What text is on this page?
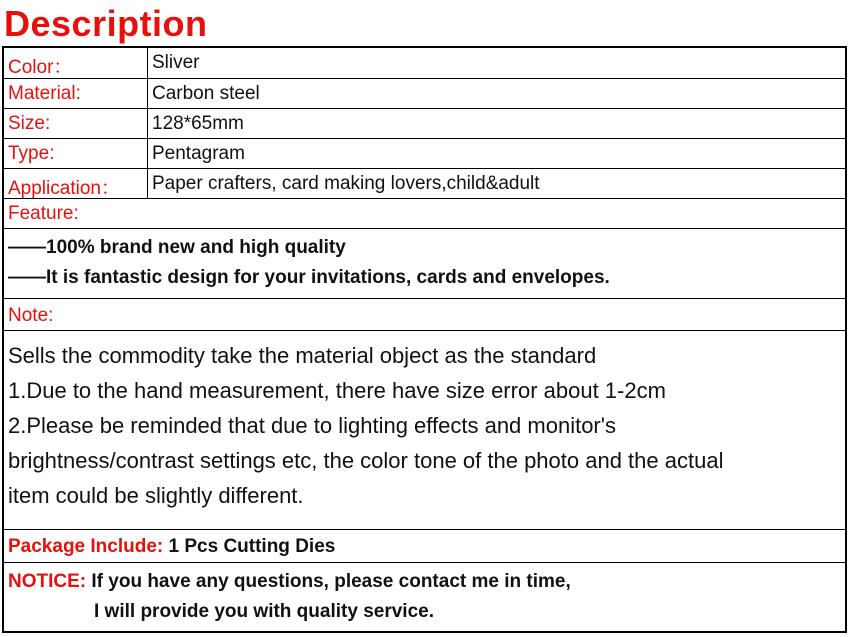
Description
Color：	Sliver
Material:	Carbon steel
Size:	128*65mm
Type:	Pentagram
Application： Paper crafters, card making lovers,child&adult
Feature:
——100% brand new and high quality
——It is fantastic design for your invitations, cards and envelopes.
Note:
Sells the commodity take the material object as the standard
1.Due to the hand measurement, there have size error about 1-2cm
2.Please be reminded that due to lighting effects and monitor's
brightness/contrast settings etc, the color tone of the photo and the actual
item could be slightly different.
Package Include: 1 Pcs Cutting Dies
NOTICE: If you have any questions, please contact me in time,
I will provide you with quality service.
